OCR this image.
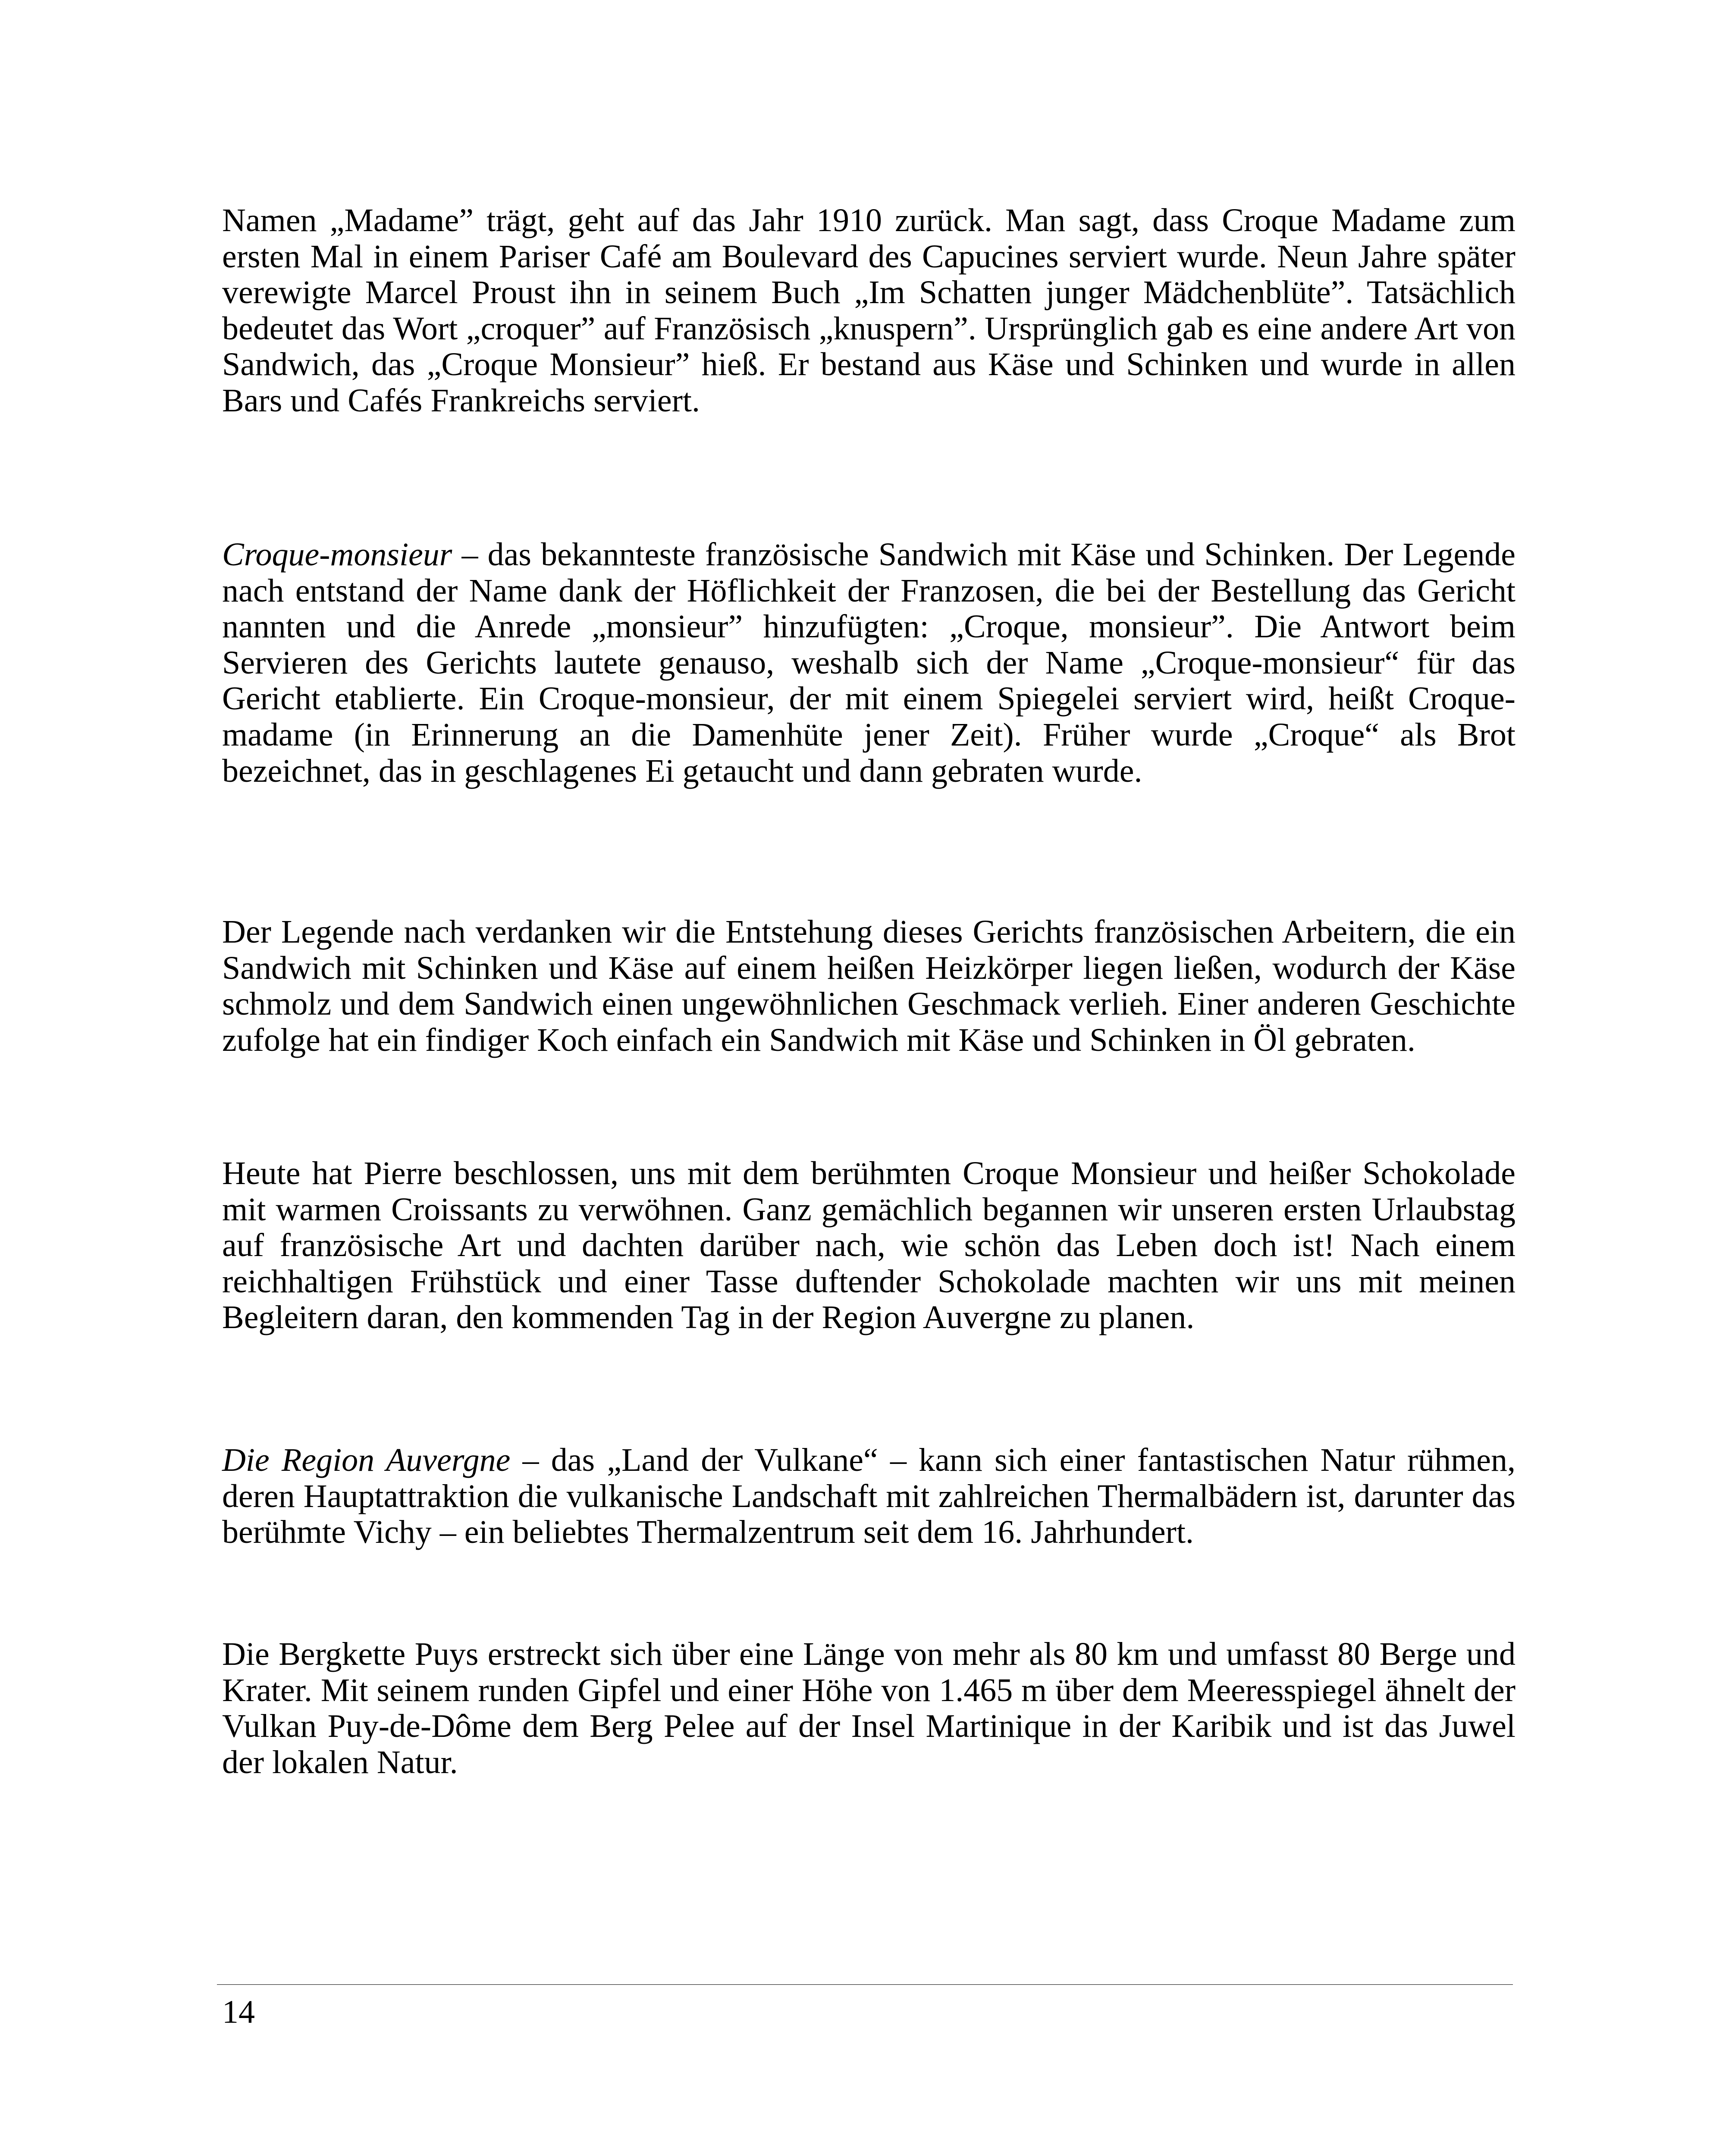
Namen „Madame” trägt, geht auf das Jahr 1910 zurück. Man sagt, dass Croque Madame zum ersten Mal in einem Pariser Café am Boulevard des Capucines serviert wurde. Neun Jahre später verewigte Marcel Proust ihn in seinem Buch „Im Schatten junger Mädchenblüte”. Tatsächlich bedeutet das Wort „croquer” auf Französisch „knuspern”. Ursprünglich gab es eine andere Art von Sandwich, das „Croque Monsieur” hieß. Er bestand aus Käse und Schinken und wurde in allen Bars und Cafés Frankreichs serviert.

Croque-monsieur – das bekannteste französische Sandwich mit Käse und Schinken. Der Legende nach entstand der Name dank der Höflichkeit der Franzosen, die bei der Bestellung das Gericht nannten und die Anrede „monsieur” hinzufügten: „Croque, monsieur”. Die Antwort beim Servieren des Gerichts lautete genauso, weshalb sich der Name „Croque-monsieur“ für das Gericht etablierte. Ein Croque-monsieur, der mit einem Spiegelei serviert wird, heißt Croque-madame (in Erinnerung an die Damenhüte jener Zeit). Früher wurde „Croque“ als Brot bezeichnet, das in geschlagenes Ei getaucht und dann gebraten wurde.

Der Legende nach verdanken wir die Entstehung dieses Gerichts französischen Arbeitern, die ein Sandwich mit Schinken und Käse auf einem heißen Heizkörper liegen ließen, wodurch der Käse schmolz und dem Sandwich einen ungewöhnlichen Geschmack verlieh. Einer anderen Geschichte zufolge hat ein findiger Koch einfach ein Sandwich mit Käse und Schinken in Öl gebraten.

Heute hat Pierre beschlossen, uns mit dem berühmten Croque Monsieur und heißer Schokolade mit warmen Croissants zu verwöhnen. Ganz gemächlich begannen wir unseren ersten Urlaubstag auf französische Art und dachten darüber nach, wie schön das Leben doch ist! Nach einem reichhaltigen Frühstück und einer Tasse duftender Schokolade machten wir uns mit meinen Begleitern daran, den kommenden Tag in der Region Auvergne zu planen.

Die Region Auvergne – das „Land der Vulkane“ – kann sich einer fantastischen Natur rühmen, deren Hauptattraktion die vulkanische Landschaft mit zahlreichen Thermalbädern ist, darunter das berühmte Vichy – ein beliebtes Thermalzentrum seit dem 16. Jahrhundert.

Die Bergkette Puys erstreckt sich über eine Länge von mehr als 80 km und umfasst 80 Berge und Krater. Mit seinem runden Gipfel und einer Höhe von 1.465 m über dem Meeresspiegel ähnelt der Vulkan Puy-de-Dôme dem Berg Pelee auf der Insel Martinique in der Karibik und ist das Juwel der lokalen Natur.

14
